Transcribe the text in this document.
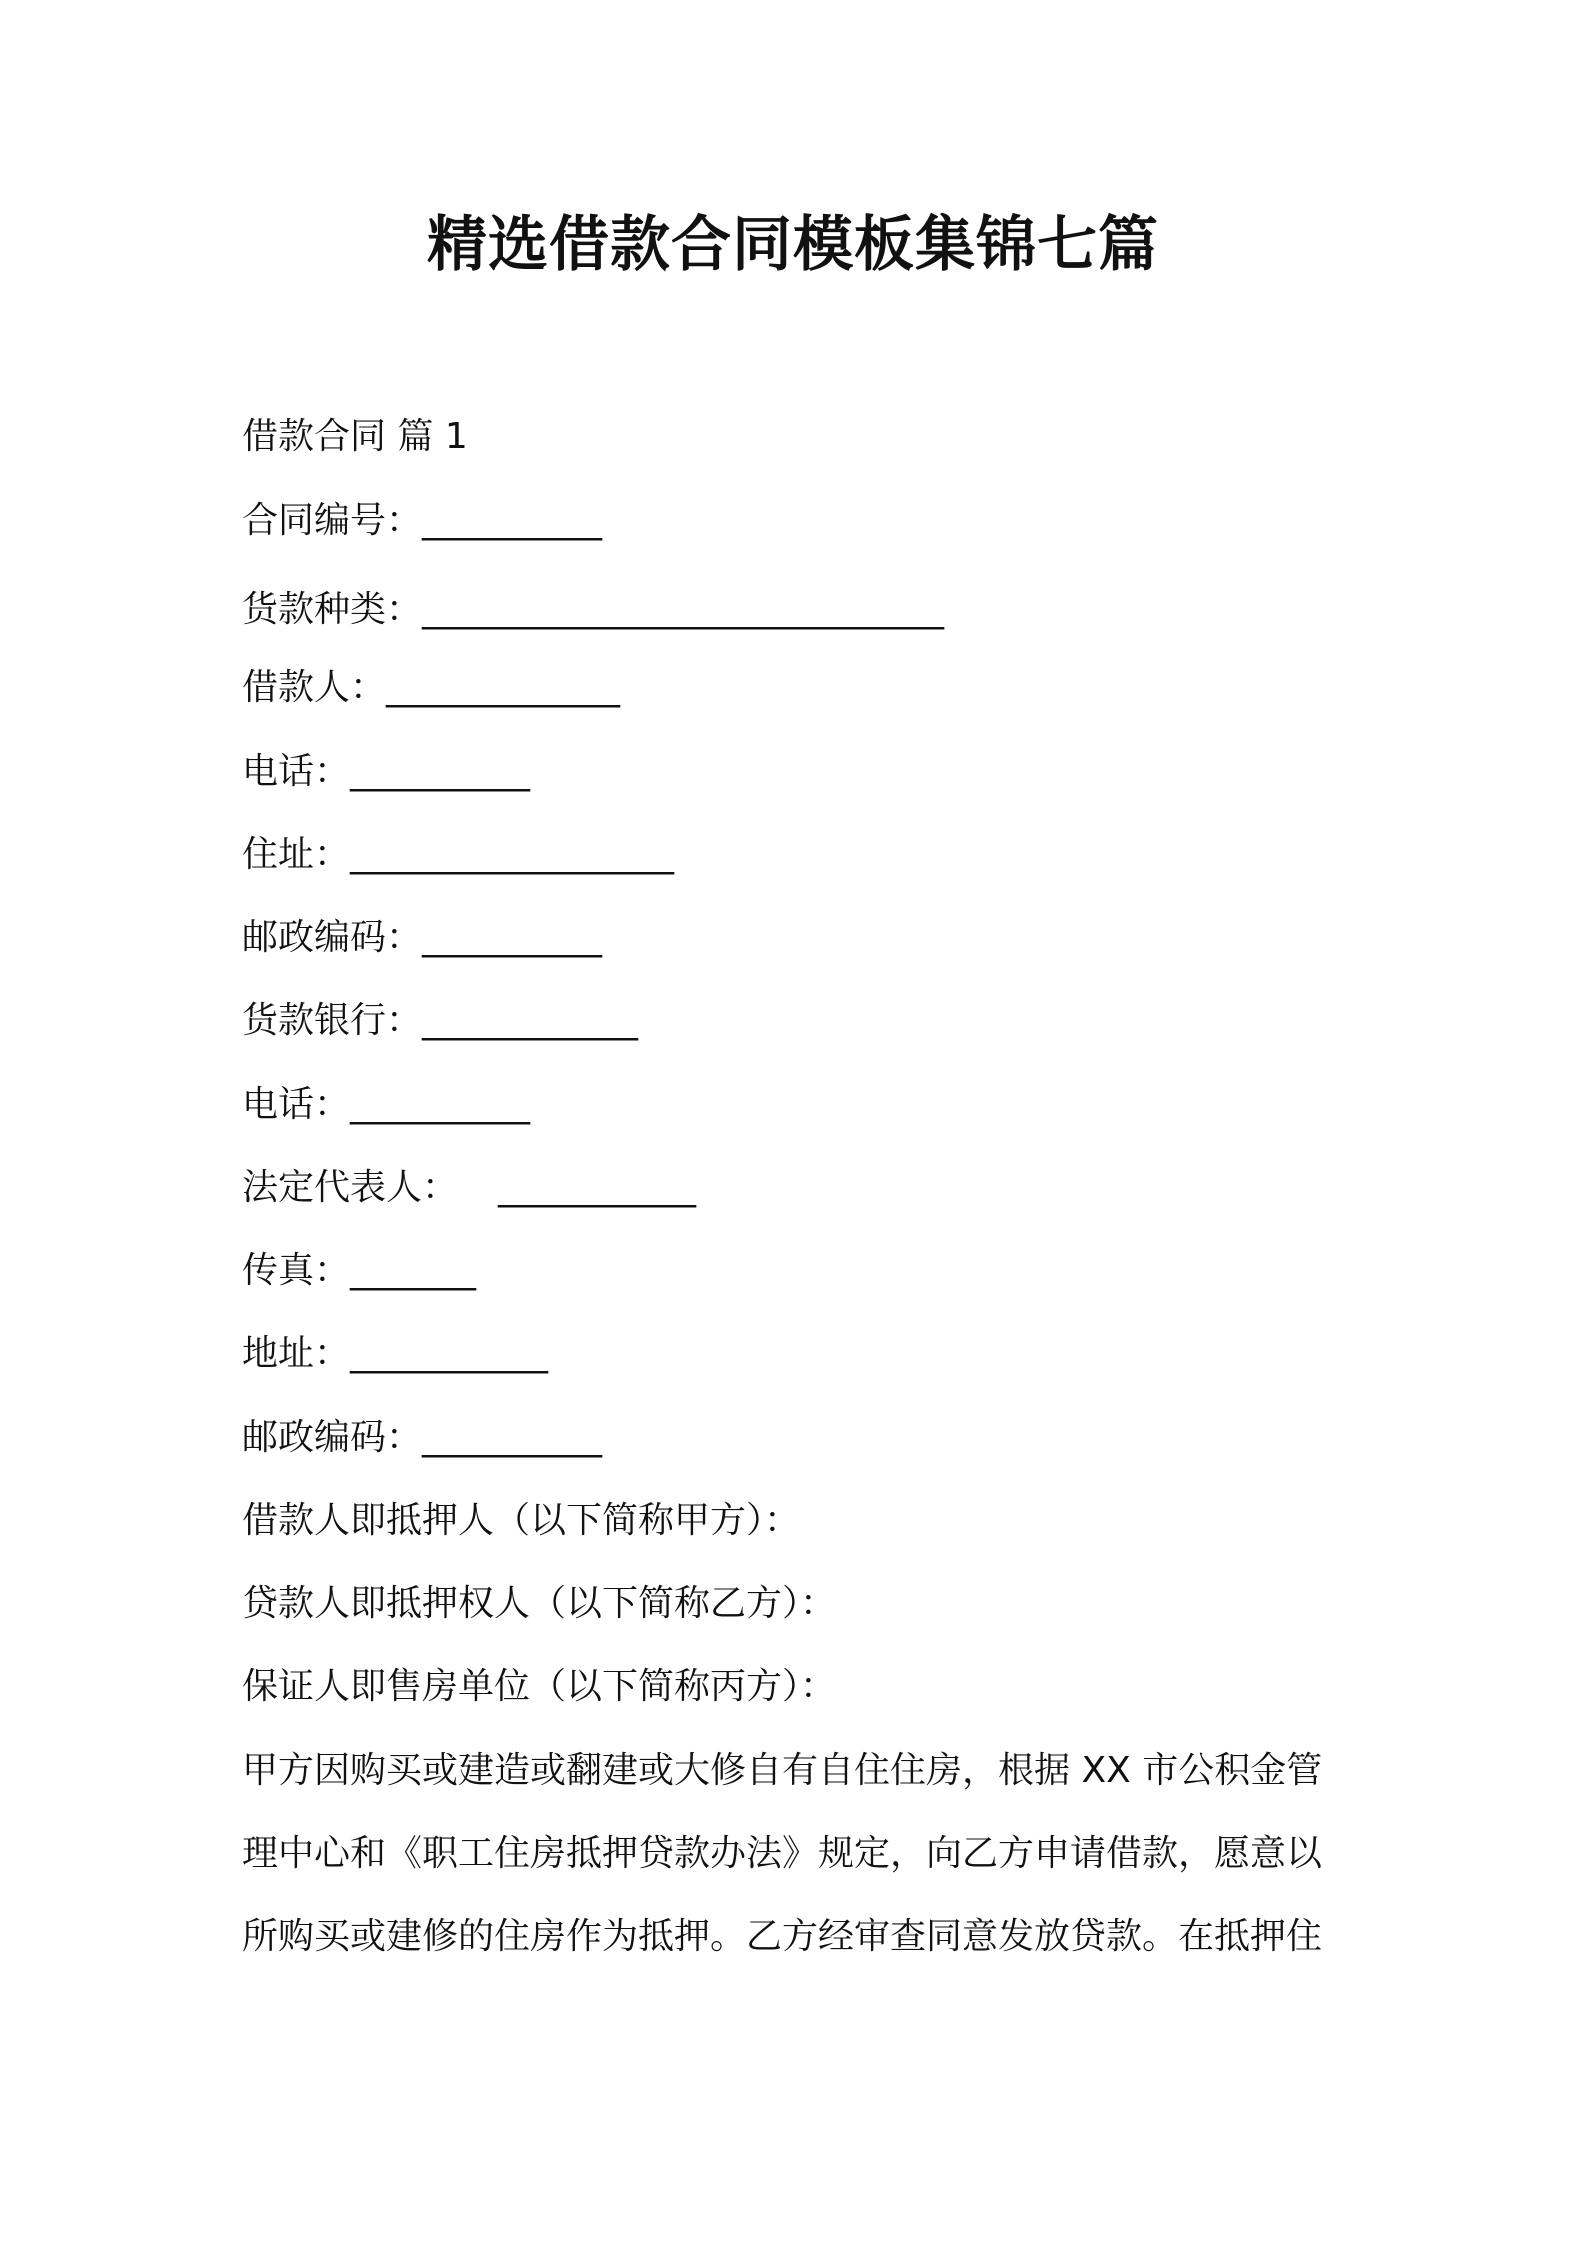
精选借款合同模板集锦七篇
借款合同 篇 1
合同编号：__________
货款种类：_____________________________
借款人：_____________
电话：__________
住址：__________________
邮政编码：__________
货款银行：____________
电话：__________
法定代表人： ___________
传真：_______
地址：___________
邮政编码：__________
借款人即抵押人（以下简称甲方）：
贷款人即抵押权人（以下简称乙方）：
保证人即售房单位（以下简称丙方）：
甲方因购买或建造或翻建或大修自有自住住房，根据 XX 市公积金管
理中心和《职工住房抵押贷款办法》规定，向乙方申请借款，愿意以
所购买或建修的住房作为抵押。乙方经审查同意发放贷款。在抵押住
